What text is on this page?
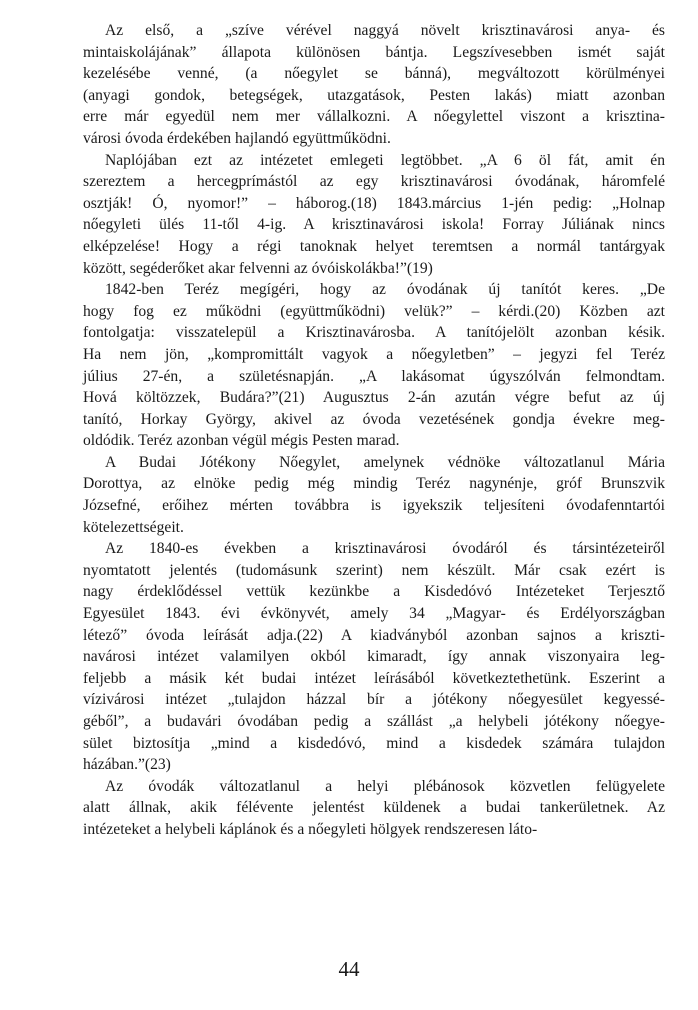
Az első, a „szíve vérével naggyá növelt krisztinavárosi anya- és
mintaiskolájának” állapota különösen bántja. Legszívesebben ismét saját
kezelésébe venné, (a nőegylet se bánná), megváltozott körülményei
(anyagi gondok, betegségek, utazgatások, Pesten lakás) miatt azonban
erre már egyedül nem mer vállalkozni. A nőegylettel viszont a krisztina-
városi óvoda érdekében hajlandó együttműködni.
Naplójában ezt az intézetet emlegeti legtöbbet. „A 6 öl fát, amit én
szereztem a hercegprímástól az egy krisztinavárosi óvodának, háromfelé
osztják! Ó, nyomor!” – háborog.(18) 1843.március 1-jén pedig: „Holnap
nőegyleti ülés 11-től 4-ig. A krisztinavárosi iskola! Forray Júliának nincs
elképzelése! Hogy a régi tanoknak helyet teremtsen a normál tantárgyak
között, segéderőket akar felvenni az óvóiskolákba!”(19)
1842-ben Teréz megígéri, hogy az óvodának új tanítót keres. „De
hogy fog ez működni (együttműködni) velük?” – kérdi.(20) Közben azt
fontolgatja: visszatelepül a Krisztinavárosba. A tanítójelölt azonban késik.
Ha nem jön, „kompromittált vagyok a nőegyletben” – jegyzi fel Teréz
július 27-én, a születésnapján. „A lakásomat úgyszólván felmondtam.
Hová költözzek, Budára?”(21) Augusztus 2-án azután végre befut az új
tanító, Horkay György, akivel az óvoda vezetésének gondja évekre meg-
oldódik. Teréz azonban végül mégis Pesten marad.
A Budai Jótékony Nőegylet, amelynek védnöke változatlanul Mária
Dorottya, az elnöke pedig még mindig Teréz nagynénje, gróf Brunszvik
Józsefné, erőihez mérten továbbra is igyekszik teljesíteni óvodafenntartói
kötelezettségeit.
Az 1840-es években a krisztinavárosi óvodáról és társintézeteiről
nyomtatott jelentés (tudomásunk szerint) nem készült. Már csak ezért is
nagy érdeklődéssel vettük kezünkbe a Kisdedóvó Intézeteket Terjesztő
Egyesület 1843. évi évkönyvét, amely 34 „Magyar- és Erdélyországban
létező” óvoda leírását adja.(22) A kiadványból azonban sajnos a kriszti-
navárosi intézet valamilyen okból kimaradt, így annak viszonyaira leg-
feljebb a másik két budai intézet leírásából következtethetünk. Eszerint a
vízivárosi intézet „tulajdon házzal bír a jótékony nőegyesület kegyessé-
géből”, a budavári óvodában pedig a szállást „a helybeli jótékony nőegye-
sület biztosítja „mind a kisdedóvó, mind a kisdedek számára tulajdon
házában.”(23)
Az óvodák változatlanul a helyi plébánosok közvetlen felügyelete
alatt állnak, akik félévente jelentést küldenek a budai tankerületnek. Az
intézeteket a helybeli káplánok és a nőegyleti hölgyek rendszeresen láto-
44
